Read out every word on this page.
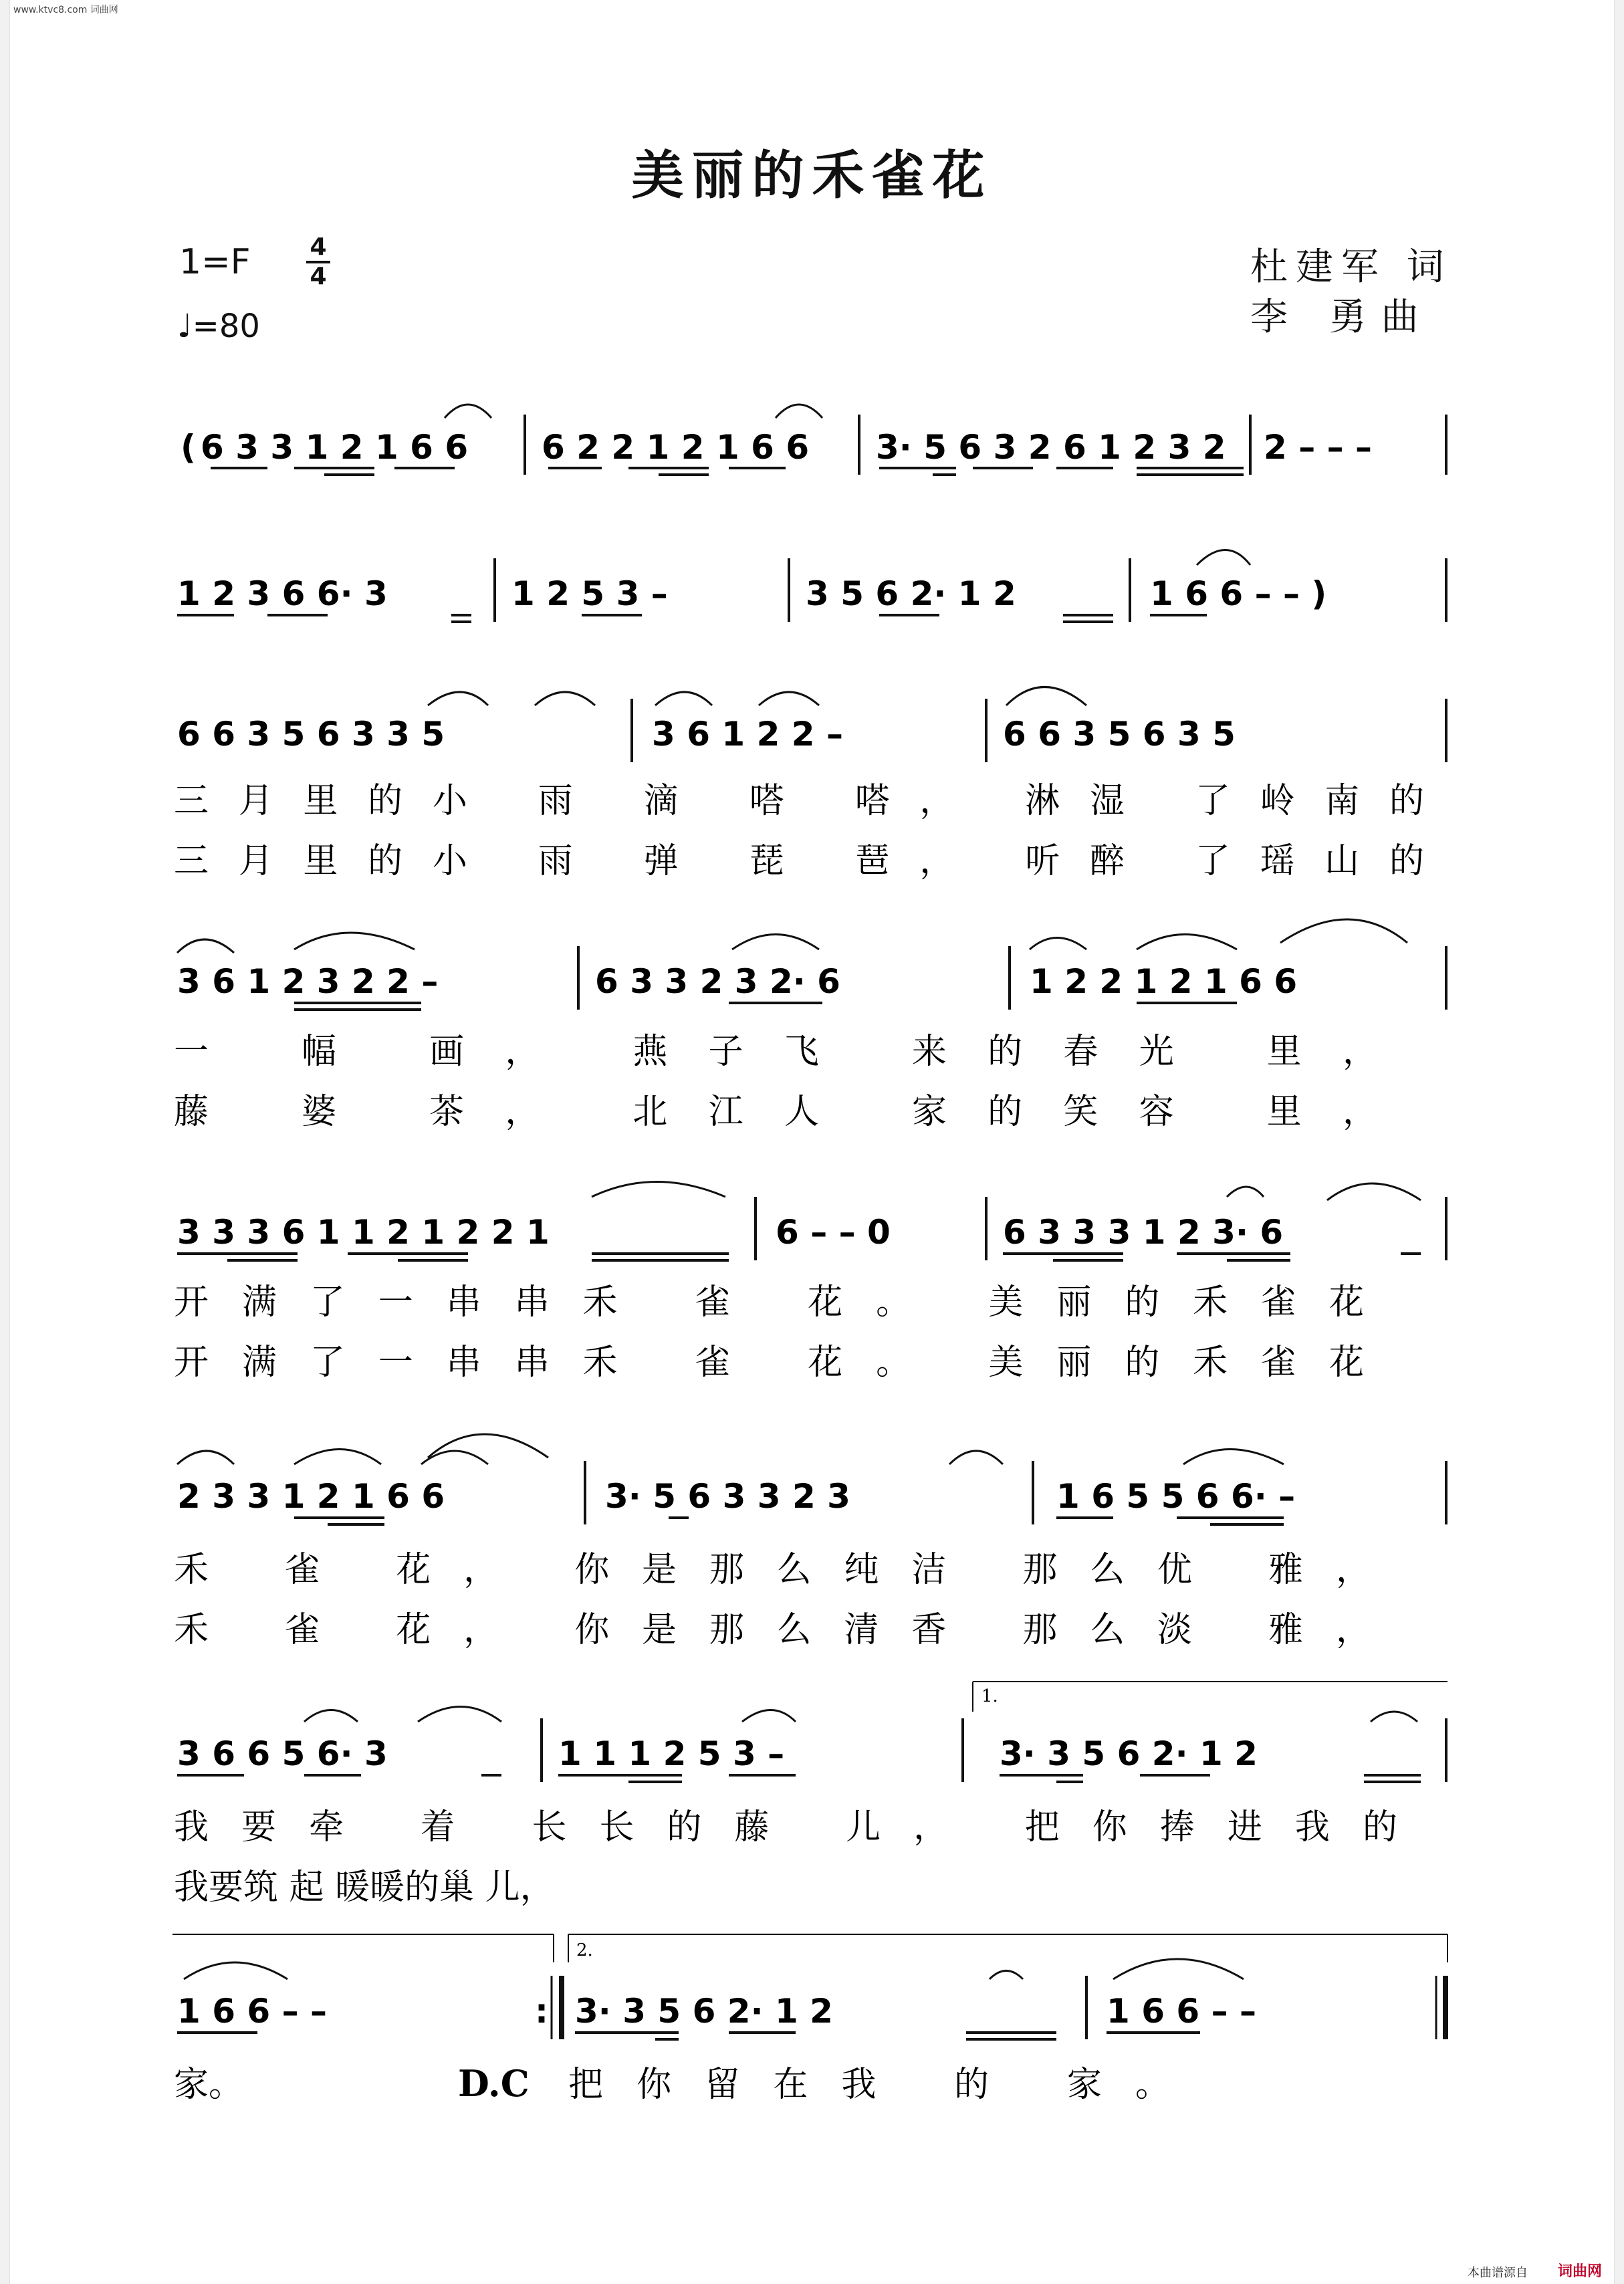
www.ktvc8.com 词曲网
美丽的禾雀花
1=F 4
4
♩=80
杜建军 词
李 勇曲
( 6 3 3 1 2 1 6 6 6 2 2 1 2 1 6 6 3· 5 6 3 2 6 1 2 3 2 2 – – –
1 2 3 6 6· 3	1 2 5 3 –	3 5 6 2· 1 2	1 6 6 – – )
6 6 3 5 6 3 3 5	3 6 1 2 2 –	6 6 3 5 6 3 5
三月里的小 雨 滴 嗒 嗒， 淋湿 了岭南的
三月里的小 雨 弹 琵 琶， 听醉 了瑶山的
3 6 1 2 3 2 2 –	6 3 3 2 3 2· 6	1 2 2 1 2 1 6 6
一 幅 画， 燕子飞 来的春光 里，
藤 婆 茶， 北江人 家的笑容 里，
3 3 3 6 1 1 2 1 2 2 1	6 – – 0	6 3 3 3 1 2 3· 6
开满了一串串禾 雀 花。 美丽的禾雀花
开满了一串串禾 雀 花。 美丽的禾雀花
2 3 3 1 2 1 6 6	3· 5 6 3 3 2 3	1 6 5 5 6 6· –
禾 雀 花， 你是那么纯洁 那么优 雅，
禾 雀 花， 你是那么清香 那么淡 雅，
1.
3 6 6 5 6· 3	1 1 1 2 5 3 –	3· 3 5 6 2· 1 2
我要牵 着 长长的藤 儿， 把你捧进我的
我要筑 起 暖暖的巢 儿，
2.
1 6 6 – –	: 3· 3 5 6 2· 1 2	1 6 6 – –
家。	D.C 把你留在我 的 家。
本曲谱源自 词曲网
